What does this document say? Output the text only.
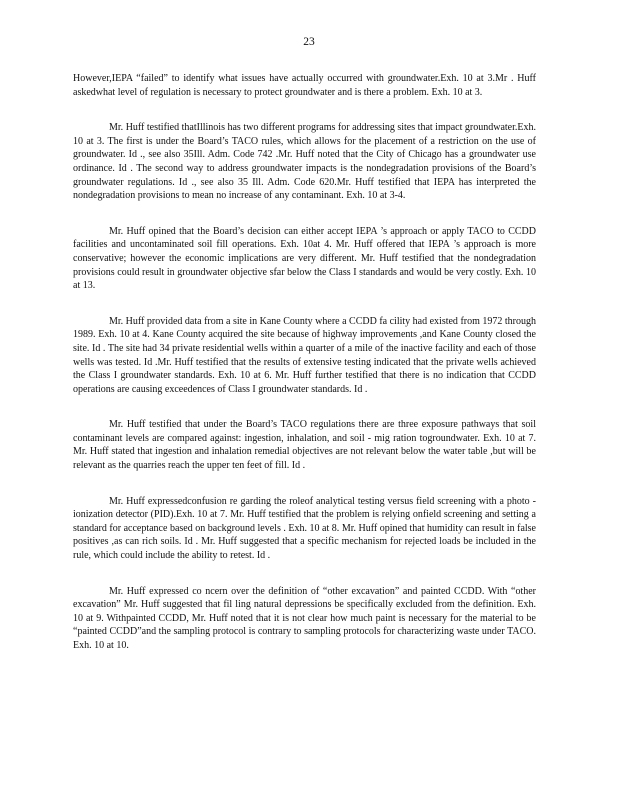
23

However,IEPA “failed” to identify what issues have actually occurred with groundwater.Exh. 10 at 3.Mr . Huff askedwhat level of regulation is necessary to protect groundwater and is there a problem. Exh. 10 at 3.

Mr. Huff testified thatIllinois has two different programs for addressing sites that impact groundwater.Exh. 10 at 3. The first is under the Board’s TACO rules, which allows for the placement of a restriction on the use of groundwater. Id ., see also 35Ill. Adm. Code 742 .Mr. Huff noted that the City of Chicago has a groundwater use ordinance. Id . The second way to address groundwater impacts is the nondegradation provisions of the Board’s groundwater regulations. Id ., see also 35 Ill. Adm. Code 620.Mr. Huff testified that IEPA has interpreted the nondegradation provisions to mean no increase of any contaminant. Exh. 10 at 3-4.

Mr. Huff opined that the Board’s decision can either accept IEPA ’s approach or apply TACO to CCDD facilities and uncontaminated soil fill operations. Exh. 10at 4. Mr. Huff offered that IEPA ’s approach is more conservative; however the economic implications are very different. Mr. Huff testified that the nondegradation provisions could result in groundwater objective sfar below the Class I standards and would be very costly. Exh. 10 at 13.

Mr. Huff provided data from a site in Kane County where a CCDD fa cility had existed from 1972 through 1989. Exh. 10 at 4. Kane County acquired the site because of highway improvements ,and Kane County closed the site. Id . The site had 34 private residential wells within a quarter of a mile of the inactive facility and each of those wells was tested. Id .Mr. Huff testified that the results of extensive testing indicated that the private wells achieved the Class I groundwater standards. Exh. 10 at 6. Mr. Huff further testified that there is no indication that CCDD operations are causing exceedences of Class I groundwater standards. Id .

Mr. Huff testified that under the Board’s TACO regulations there are three exposure pathways that soil contaminant levels are compared against: ingestion, inhalation, and soil - mig ration togroundwater. Exh. 10 at 7. Mr. Huff stated that ingestion and inhalation remedial objectives are not relevant below the water table ,but will be relevant as the quarries reach the upper ten feet of fill. Id .

Mr. Huff expressedconfusion re garding the roleof analytical testing versus field screening with a photo -ionization detector (PID).Exh. 10 at 7. Mr. Huff testified that the problem is relying onfield screening and setting a standard for acceptance based on background levels . Exh. 10 at 8. Mr. Huff opined that humidity can result in false positives ,as can rich soils. Id . Mr. Huff suggested that a specific mechanism for rejected loads be included in the rule, which could include the ability to retest. Id .

Mr. Huff expressed co ncern over the definition of “other excavation” and painted CCDD. With “other excavation” Mr. Huff suggested that fil ling natural depressions be specifically excluded from the definition. Exh. 10 at 9. Withpainted CCDD, Mr. Huff noted that it is not clear how much paint is necessary for the material to be “painted CCDD”and the sampling protocol is contrary to sampling protocols for characterizing waste under TACO. Exh. 10 at 10.
